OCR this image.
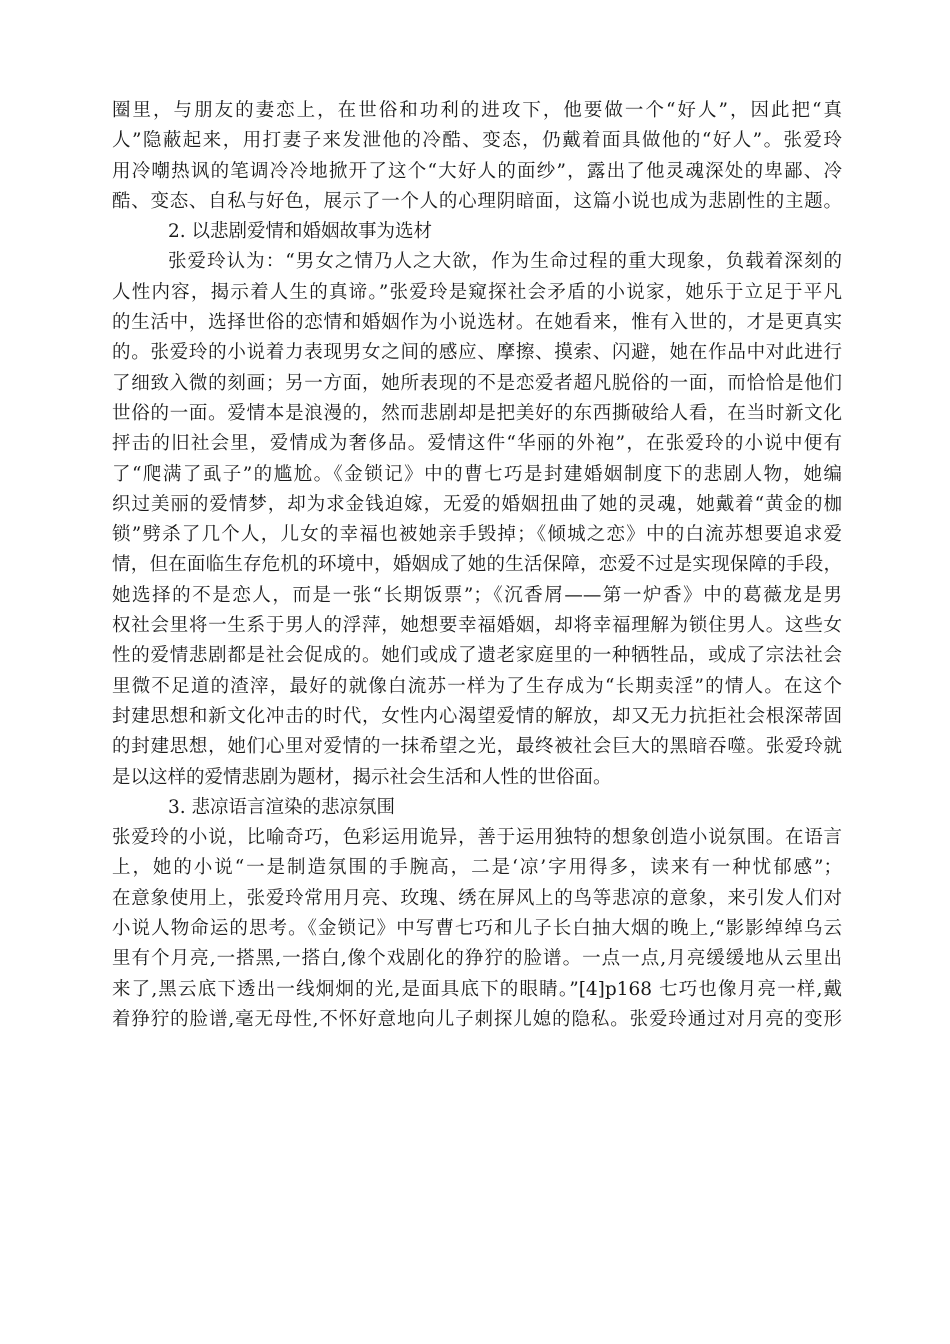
圈里，与朋友的妻恋上，在世俗和功利的进攻下，他要做一个“好人”，因此把“真
人”隐蔽起来，用打妻子来发泄他的冷酷、变态，仍戴着面具做他的“好人”。张爱玲
用冷嘲热讽的笔调冷冷地掀开了这个“大好人的面纱”，露出了他灵魂深处的卑鄙、冷
酷、变态、自私与好色，展示了一个人的心理阴暗面，这篇小说也成为悲剧性的主题。
2. 以悲剧爱情和婚姻故事为选材
张爱玲认为：“男女之情乃人之大欲，作为生命过程的重大现象，负载着深刻的
人性内容，揭示着人生的真谛。”张爱玲是窥探社会矛盾的小说家，她乐于立足于平凡
的生活中，选择世俗的恋情和婚姻作为小说选材。在她看来，惟有入世的，才是更真实
的。张爱玲的小说着力表现男女之间的感应、摩擦、摸索、闪避，她在作品中对此进行
了细致入微的刻画；另一方面，她所表现的不是恋爱者超凡脱俗的一面，而恰恰是他们
世俗的一面。爱情本是浪漫的，然而悲剧却是把美好的东西撕破给人看，在当时新文化
抨击的旧社会里，爱情成为奢侈品。爱情这件“华丽的外袍”，在张爱玲的小说中便有
了“爬满了虱子”的尴尬。《金锁记》中的曹七巧是封建婚姻制度下的悲剧人物，她编
织过美丽的爱情梦，却为求金钱迫嫁，无爱的婚姻扭曲了她的灵魂，她戴着“黄金的枷
锁”劈杀了几个人，儿女的幸福也被她亲手毁掉；《倾城之恋》中的白流苏想要追求爱
情，但在面临生存危机的环境中，婚姻成了她的生活保障，恋爱不过是实现保障的手段，
她选择的不是恋人，而是一张“长期饭票”；《沉香屑——第一炉香》中的葛薇龙是男
权社会里将一生系于男人的浮萍，她想要幸福婚姻，却将幸福理解为锁住男人。这些女
性的爱情悲剧都是社会促成的。她们或成了遗老家庭里的一种牺牲品，或成了宗法社会
里微不足道的渣滓，最好的就像白流苏一样为了生存成为“长期卖淫”的情人。在这个
封建思想和新文化冲击的时代，女性内心渴望爱情的解放，却又无力抗拒社会根深蒂固
的封建思想，她们心里对爱情的一抹希望之光，最终被社会巨大的黑暗吞噬。张爱玲就
是以这样的爱情悲剧为题材，揭示社会生活和人性的世俗面。
3. 悲凉语言渲染的悲凉氛围
张爱玲的小说，比喻奇巧，色彩运用诡异，善于运用独特的想象创造小说氛围。在语言
上，她的小说“一是制造氛围的手腕高，二是‘凉’字用得多，读来有一种忧郁感”；
在意象使用上，张爱玲常用月亮、玫瑰、绣在屏风上的鸟等悲凉的意象，来引发人们对
小说人物命运的思考。《金锁记》中写曹七巧和儿子长白抽大烟的晚上,“影影绰绰乌云
里有个月亮,一搭黑,一搭白,像个戏剧化的狰狞的脸谱。一点一点,月亮缓缓地从云里出
来了,黑云底下透出一线炯炯的光,是面具底下的眼睛。”[4]p168 七巧也像月亮一样,戴
着狰狞的脸谱,毫无母性,不怀好意地向儿子刺探儿媳的隐私。张爱玲通过对月亮的变形
